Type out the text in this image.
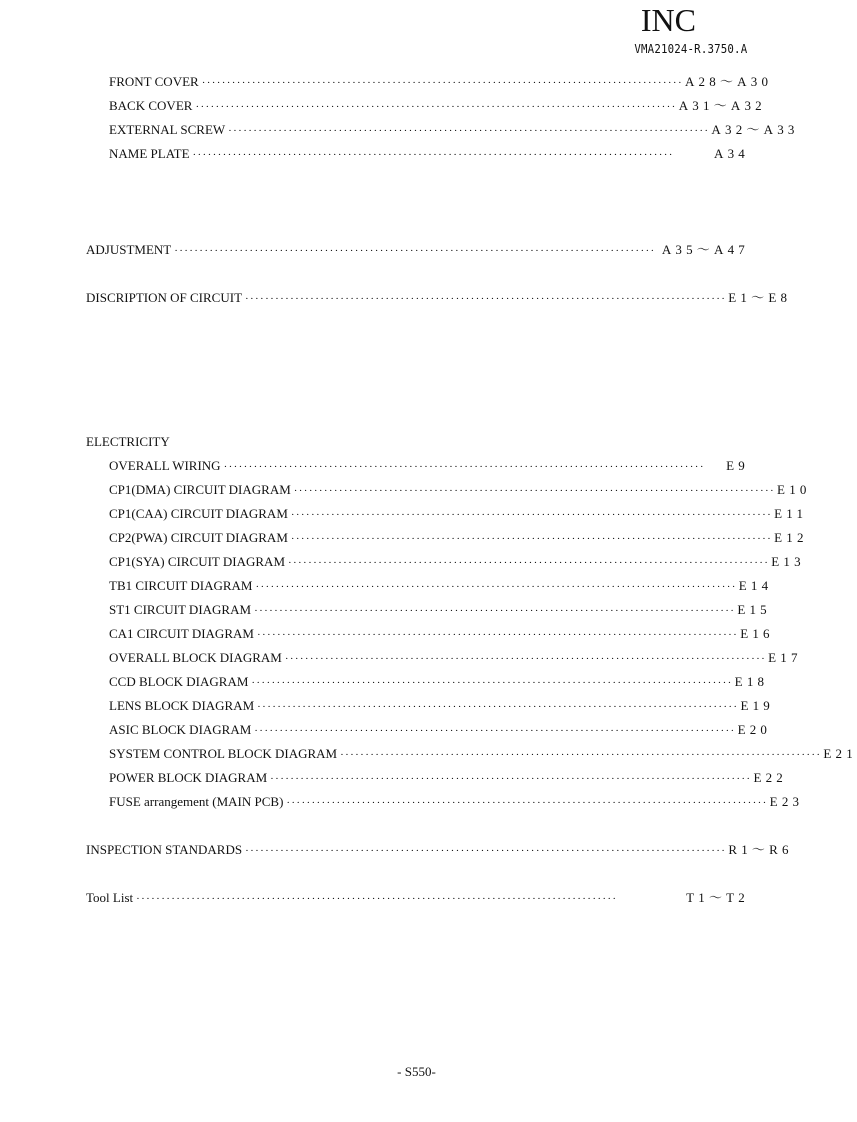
INC
VMA21024-R.3750.A
FRONT COVER ································································································ A28～A30
BACK COVER ································································································ A31～A32
EXTERNAL SCREW ································································································ A32～A33
NAME PLATE ································································································	A34
ADJUSTMENT ································································································ A35～A47
DISCRIPTION OF CIRCUIT ································································································ E1～E8
ELECTRICITY
OVERALL WIRING ································································································	E9
CP1(DMA) CIRCUIT DIAGRAM ································································································ E10
CP1(CAA) CIRCUIT DIAGRAM ································································································ E11
CP2(PWA) CIRCUIT DIAGRAM ································································································ E12
CP1(SYA) CIRCUIT DIAGRAM ································································································ E13
TB1 CIRCUIT DIAGRAM ································································································ E14
ST1 CIRCUIT DIAGRAM ································································································ E15
CA1 CIRCUIT DIAGRAM ································································································ E16
OVERALL BLOCK DIAGRAM ································································································ E17
CCD BLOCK DIAGRAM ································································································ E18
LENS BLOCK DIAGRAM ································································································ E19
ASIC BLOCK DIAGRAM ································································································ E20
SYSTEM CONTROL BLOCK DIAGRAM ································································································ E21
POWER BLOCK DIAGRAM ································································································ E22
FUSE arrangement (MAIN PCB) ································································································ E23
INSPECTION STANDARDS ································································································ R1～R6
Tool List ································································································	T1～T2
- S550-
